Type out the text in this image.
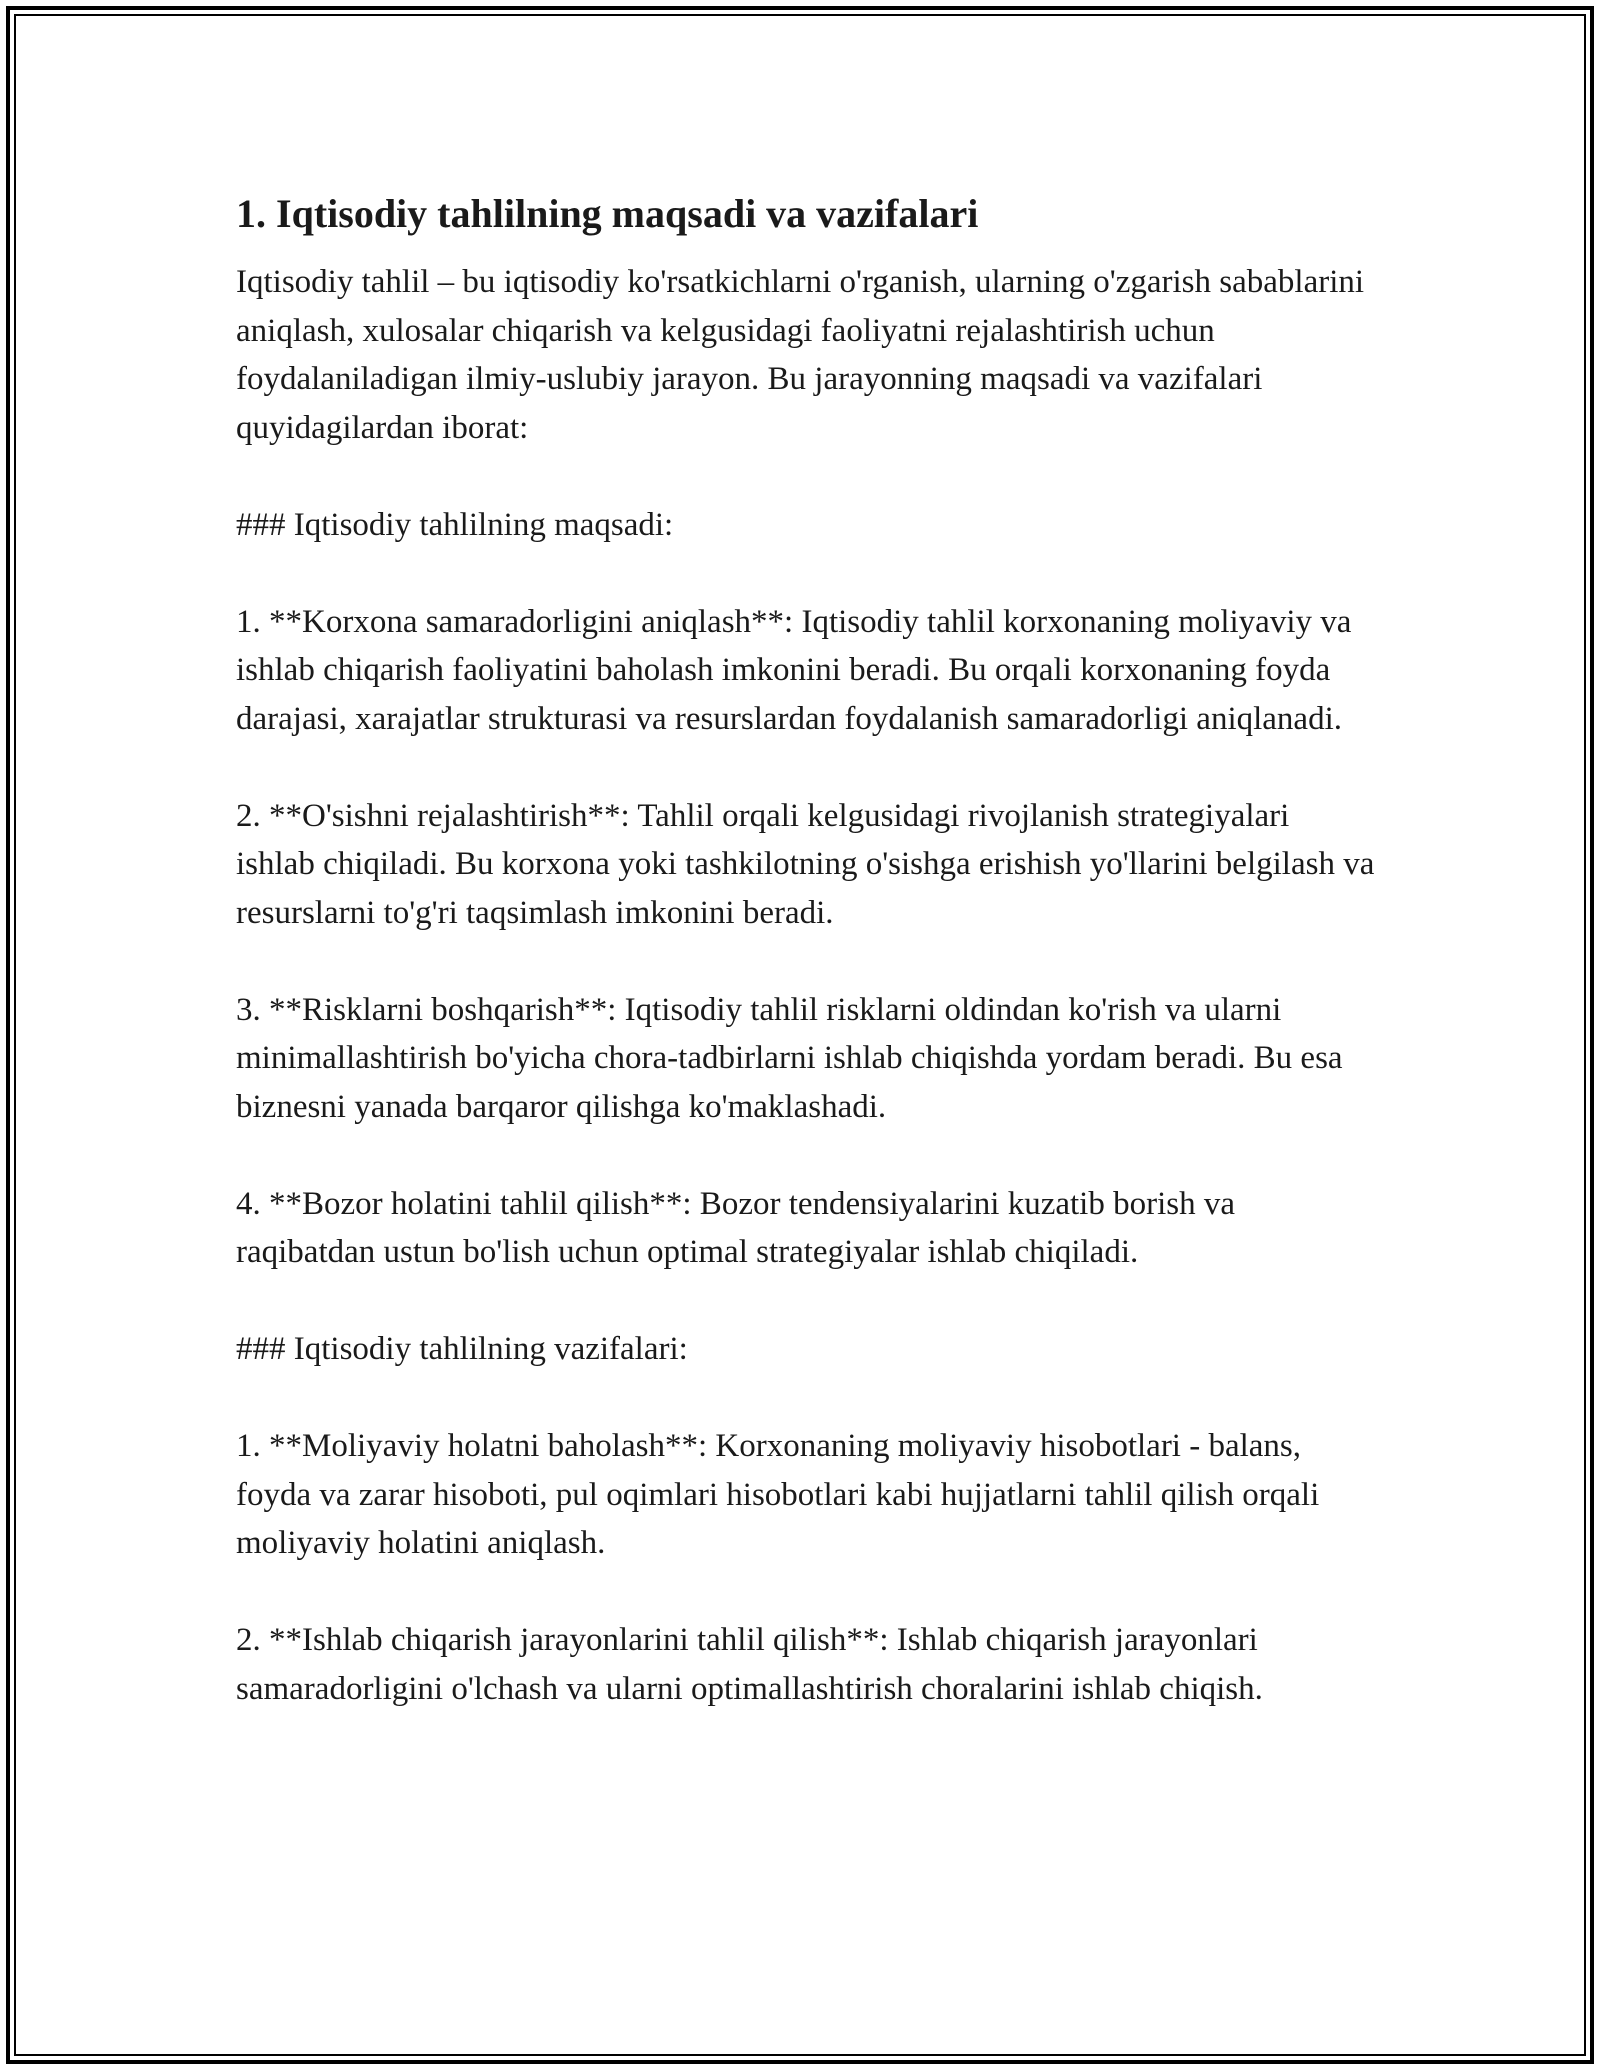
1. Iqtisodiy tahlilning maqsadi va vazifalari

Iqtisodiy tahlil – bu iqtisodiy ko'rsatkichlarni o'rganish, ularning o'zgarish sabablarini aniqlash, xulosalar chiqarish va kelgusidagi faoliyatni rejalashtirish uchun foydalaniladigan ilmiy-uslubiy jarayon. Bu jarayonning maqsadi va vazifalari quyidagilardan iborat:

### Iqtisodiy tahlilning maqsadi:

1. **Korxona samaradorligini aniqlash**: Iqtisodiy tahlil korxonaning moliyaviy va ishlab chiqarish faoliyatini baholash imkonini beradi. Bu orqali korxonaning foyda darajasi, xarajatlar strukturasi va resurslardan foydalanish samaradorligi aniqlanadi.

2. **O'sishni rejalashtirish**: Tahlil orqali kelgusidagi rivojlanish strategiyalari ishlab chiqiladi. Bu korxona yoki tashkilotning o'sishga erishish yo'llarini belgilash va resurslarni to'g'ri taqsimlash imkonini beradi.

3. **Risklarni boshqarish**: Iqtisodiy tahlil risklarni oldindan ko'rish va ularni minimallashtirish bo'yicha chora-tadbirlarni ishlab chiqishda yordam beradi. Bu esa biznesni yanada barqaror qilishga ko'maklashadi.

4. **Bozor holatini tahlil qilish**: Bozor tendensiyalarini kuzatib borish va raqibatdan ustun bo'lish uchun optimal strategiyalar ishlab chiqiladi.

### Iqtisodiy tahlilning vazifalari:

1. **Moliyaviy holatni baholash**: Korxonaning moliyaviy hisobotlari - balans, foyda va zarar hisoboti, pul oqimlari hisobotlari kabi hujjatlarni tahlil qilish orqali moliyaviy holatini aniqlash.

2. **Ishlab chiqarish jarayonlarini tahlil qilish**: Ishlab chiqarish jarayonlari samaradorligini o'lchash va ularni optimallashtirish choralarini ishlab chiqish.
